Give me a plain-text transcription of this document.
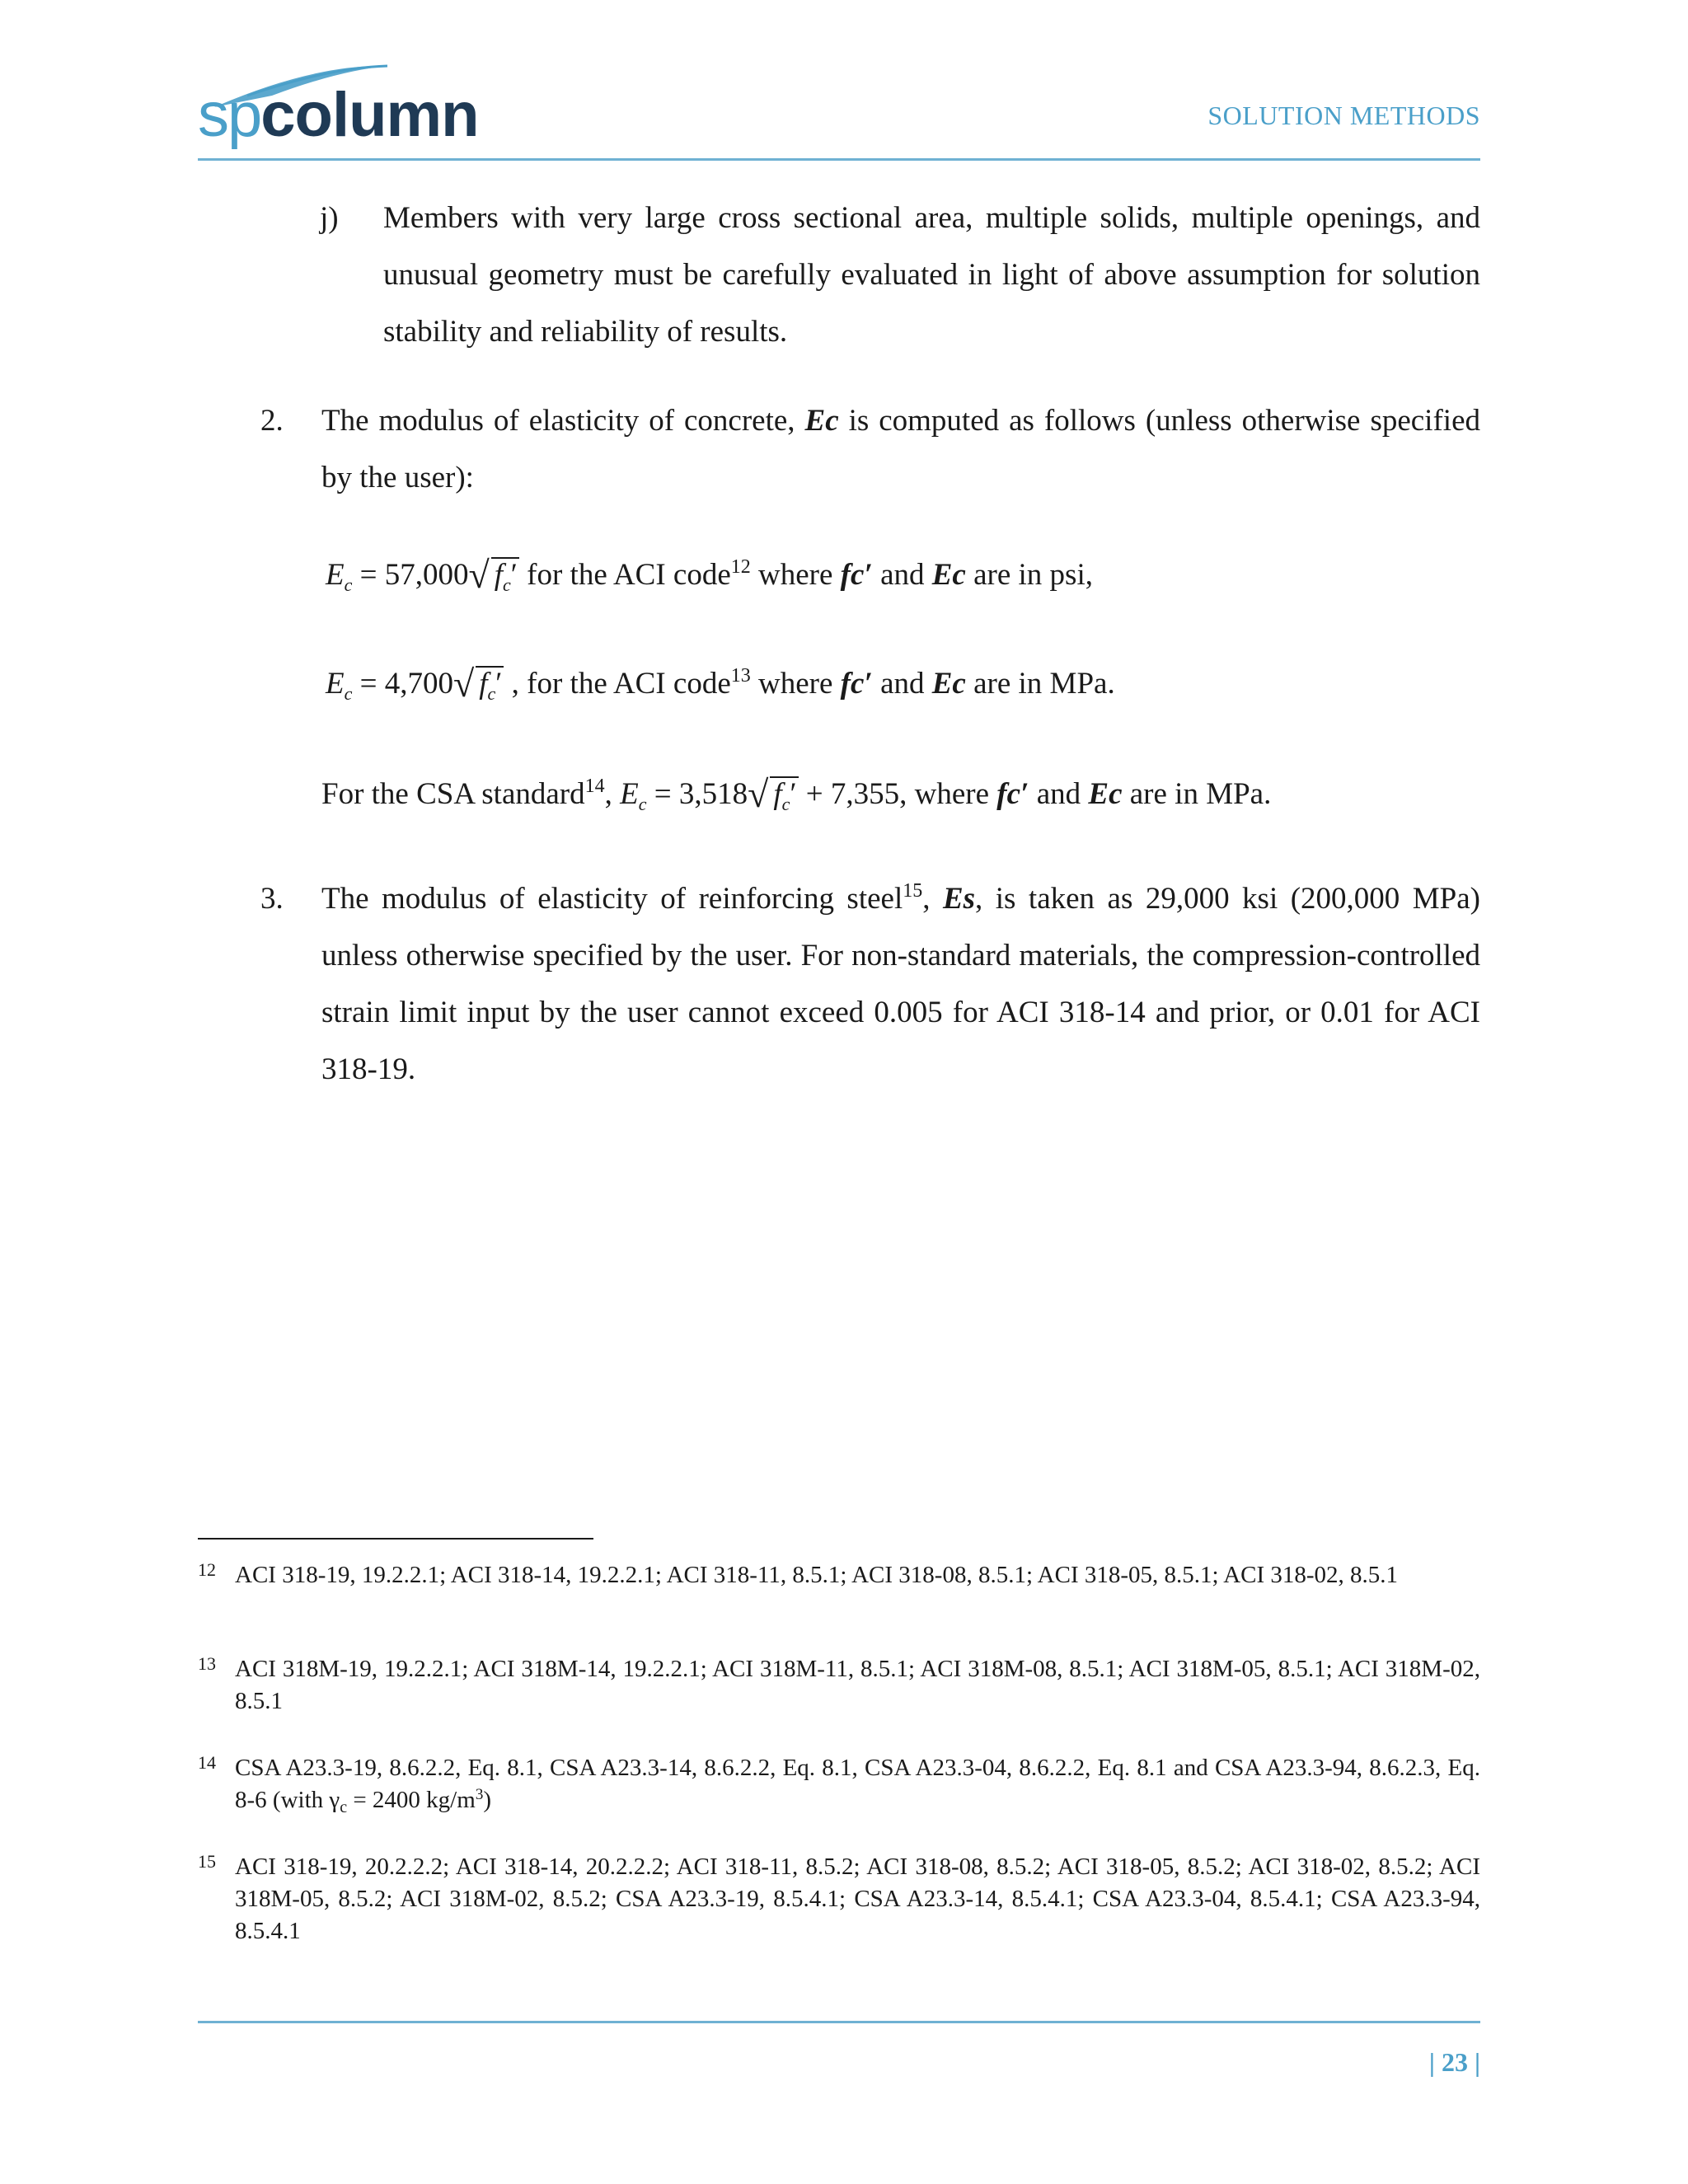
spcolumn	SOLUTION METHODS
j) Members with very large cross sectional area, multiple solids, multiple openings, and unusual geometry must be carefully evaluated in light of above assumption for solution stability and reliability of results.
2. The modulus of elasticity of concrete, Ec is computed as follows (unless otherwise specified by the user):
$E_c = 57,000√$ $f_c'$ for the ACI code$^{12}$ where fc′ and Ec are in psi,
$E_c = 4,700√$ $f_c'$ , for the ACI code$^{13}$ where fc′ and Ec are in MPa.
For the CSA standard$^{14}$, $E_c = 3,518√$ $f_c' + 7,355$, where fc′ and Ec are in MPa.
3. The modulus of elasticity of reinforcing steel$^{15}$, Es, is taken as 29,000 ksi (200,000 MPa) unless otherwise specified by the user. For non-standard materials, the compression-controlled strain limit input by the user cannot exceed 0.005 for ACI 318-14 and prior, or 0.01 for ACI 318-19.
12 ACI 318-19, 19.2.2.1; ACI 318-14, 19.2.2.1; ACI 318-11, 8.5.1; ACI 318-08, 8.5.1; ACI 318-05, 8.5.1; ACI 318-02, 8.5.1
13 ACI 318M-19, 19.2.2.1; ACI 318M-14, 19.2.2.1; ACI 318M-11, 8.5.1; ACI 318M-08, 8.5.1; ACI 318M-05, 8.5.1; ACI 318M-02, 8.5.1
14 CSA A23.3-19, 8.6.2.2, Eq. 8.1, CSA A23.3-14, 8.6.2.2, Eq. 8.1, CSA A23.3-04, 8.6.2.2, Eq. 8.1 and CSA A23.3-94, 8.6.2.3, Eq. 8-6 (with $\gamma_c = 2400$ $kg/m^3$)
15 ACI 318-19, 20.2.2.2; ACI 318-14, 20.2.2.2; ACI 318-11, 8.5.2; ACI 318-08, 8.5.2; ACI 318-05, 8.5.2; ACI 318-02, 8.5.2; ACI 318M-05, 8.5.2; ACI 318M-02, 8.5.2; CSA A23.3-19, 8.5.4.1; CSA A23.3-14, 8.5.4.1; CSA A23.3-04, 8.5.4.1; CSA A23.3-94, 8.5.4.1
| 23 |
